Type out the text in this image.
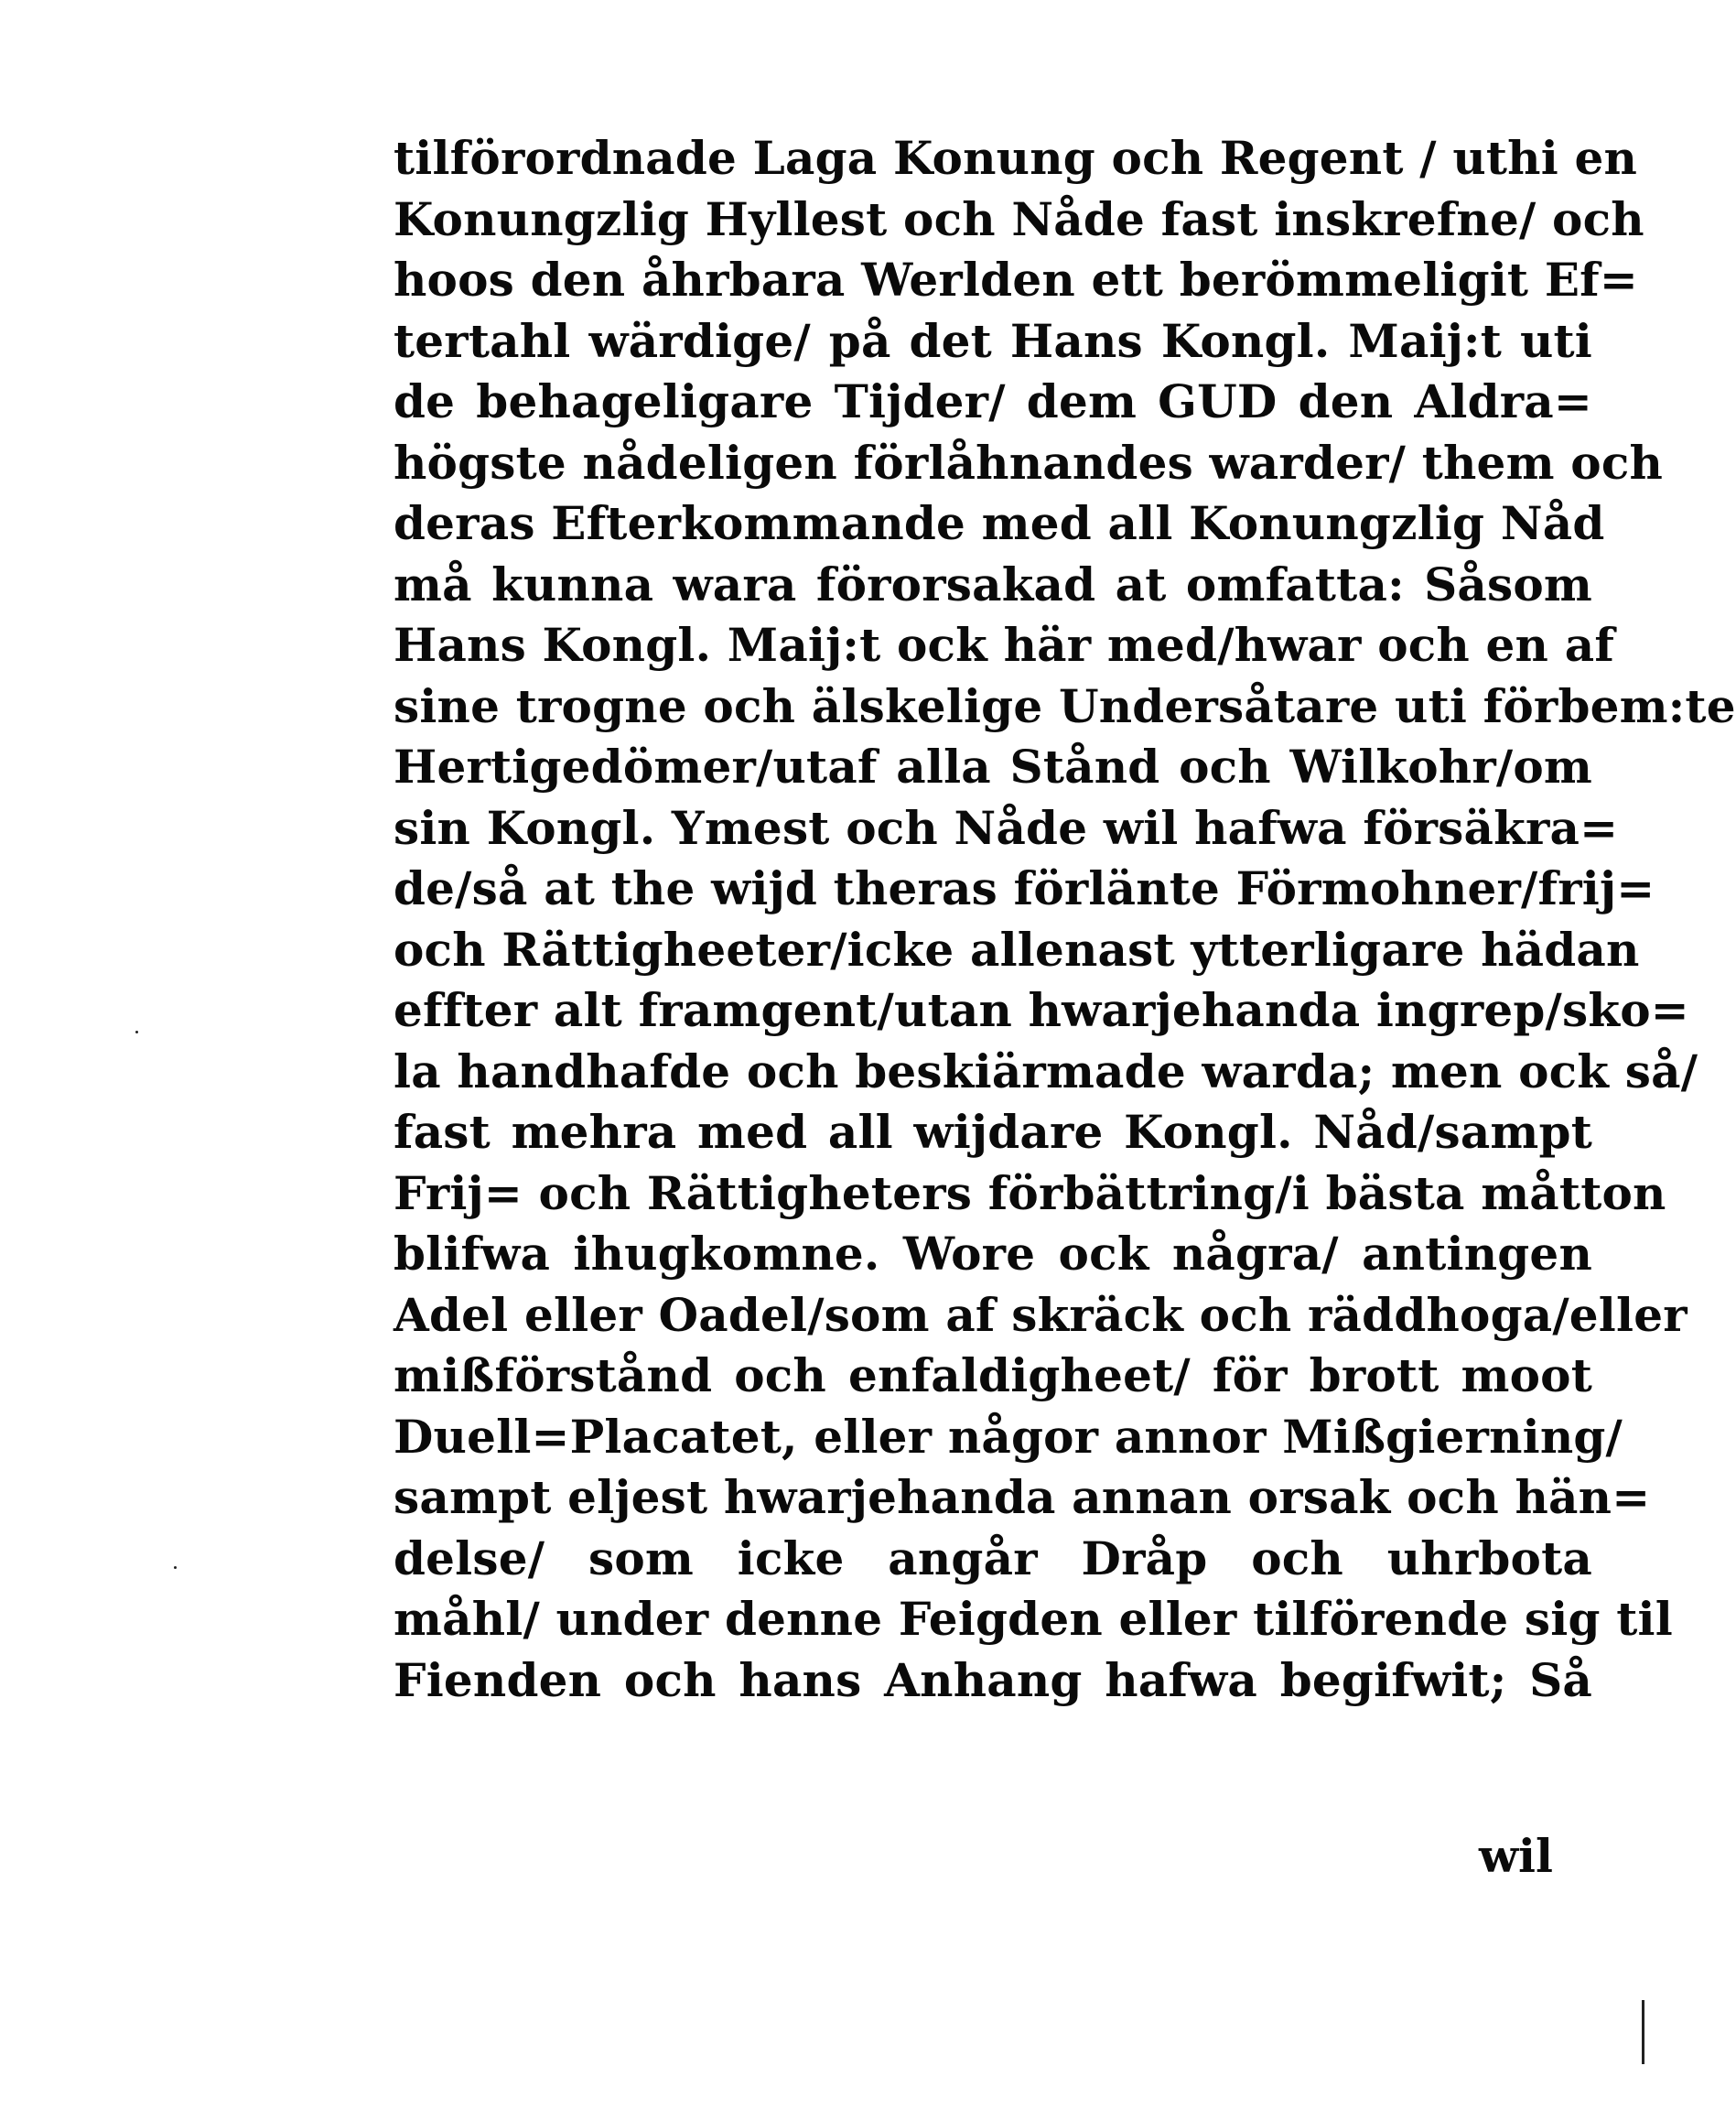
tilförordnade Laga Konung och Regent / uthi en
Konungzlig Hyllest och Nåde fast inskrefne/ och
hoos den åhrbara Werlden ett berömmeligit Ef=
tertahl wärdige/ på det Hans Kongl. Maij:t uti
de behageligare Tijder/ dem GUD den Aldra=
högste nådeligen förlåhnandes warder/ them och
deras Efterkommande med all Konungzlig Nåd
må kunna wara förorsakad at omfatta: Såsom
Hans Kongl. Maij:t ock här med/hwar och en af
sine trogne och älskelige Undersåtare uti förbem:te
Hertigedömer/utaf alla Stånd och Wilkohr/om
sin Kongl. Ymest och Nåde wil hafwa försäkra=
de/så at the wijd theras förlänte Förmohner/frij=
och Rättigheeter/icke allenast ytterligare hädan
effter alt framgent/utan hwarjehanda ingrep/sko=
la handhafde och beskiärmade warda; men ock så/
fast mehra med all wijdare Kongl. Nåd/sampt
Frij= och Rättigheters förbättring/i bästa måtton
blifwa ihugkomne. Wore ock några/ antingen
Adel eller Oadel/som af skräck och räddhoga/eller
mißförstånd och enfaldigheet/ för brott moot
Duell=Placatet, eller någor annor Mißgierning/
sampt eljest hwarjehanda annan orsak och hän=
delse/ som icke angår Dråp och uhrbota
måhl/ under denne Feigden eller tilförende sig til
Fienden och hans Anhang hafwa begifwit; Så
wil
